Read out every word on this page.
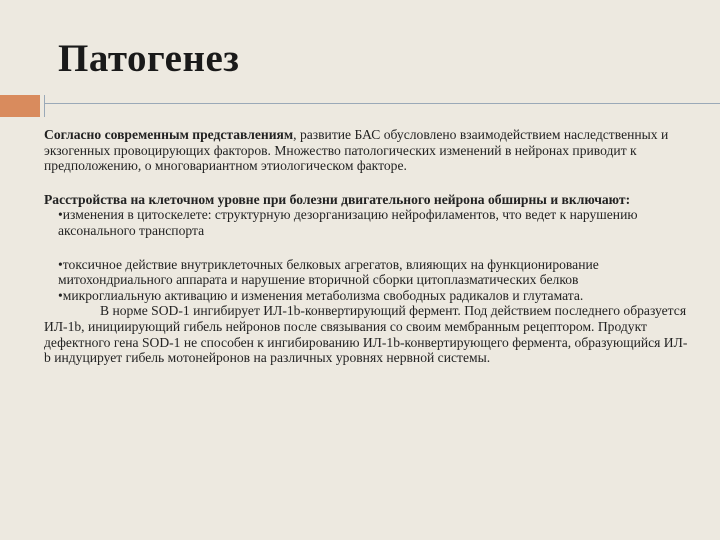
Патогенез

Согласно современным представлениям, развитие БАС обусловлено взаимодействием наследственных и экзогенных провоцирующих факторов. Множество патологических изменений в нейронах приводит к предположению, о многовариантном этиологическом факторе.

Расстройства на клеточном уровне при болезни двигательного нейрона обширны и включают:
•изменения в цитоскелете: структурную дезорганизацию нейрофиламентов, что ведет к нарушению аксонального транспорта

•токсичное действие внутриклеточных белковых агрегатов, влияющих на функционирование митохондриального аппарата и нарушение вторичной сборки цитоплазматических белков
•микроглиальную активацию и изменения метаболизма свободных радикалов и глутамата.
В норме SOD-1 ингибирует ИЛ-1b-конвертирующий фермент. Под действием последнего образуется ИЛ-1b, инициирующий гибель нейронов после связывания со своим мембранным рецептором. Продукт дефектного гена SOD-1 не способен к ингибированию ИЛ-1b-конвертирующего фермента, образующийся ИЛ-b индуцирует гибель мотонейронов на различных уровнях нервной системы.
